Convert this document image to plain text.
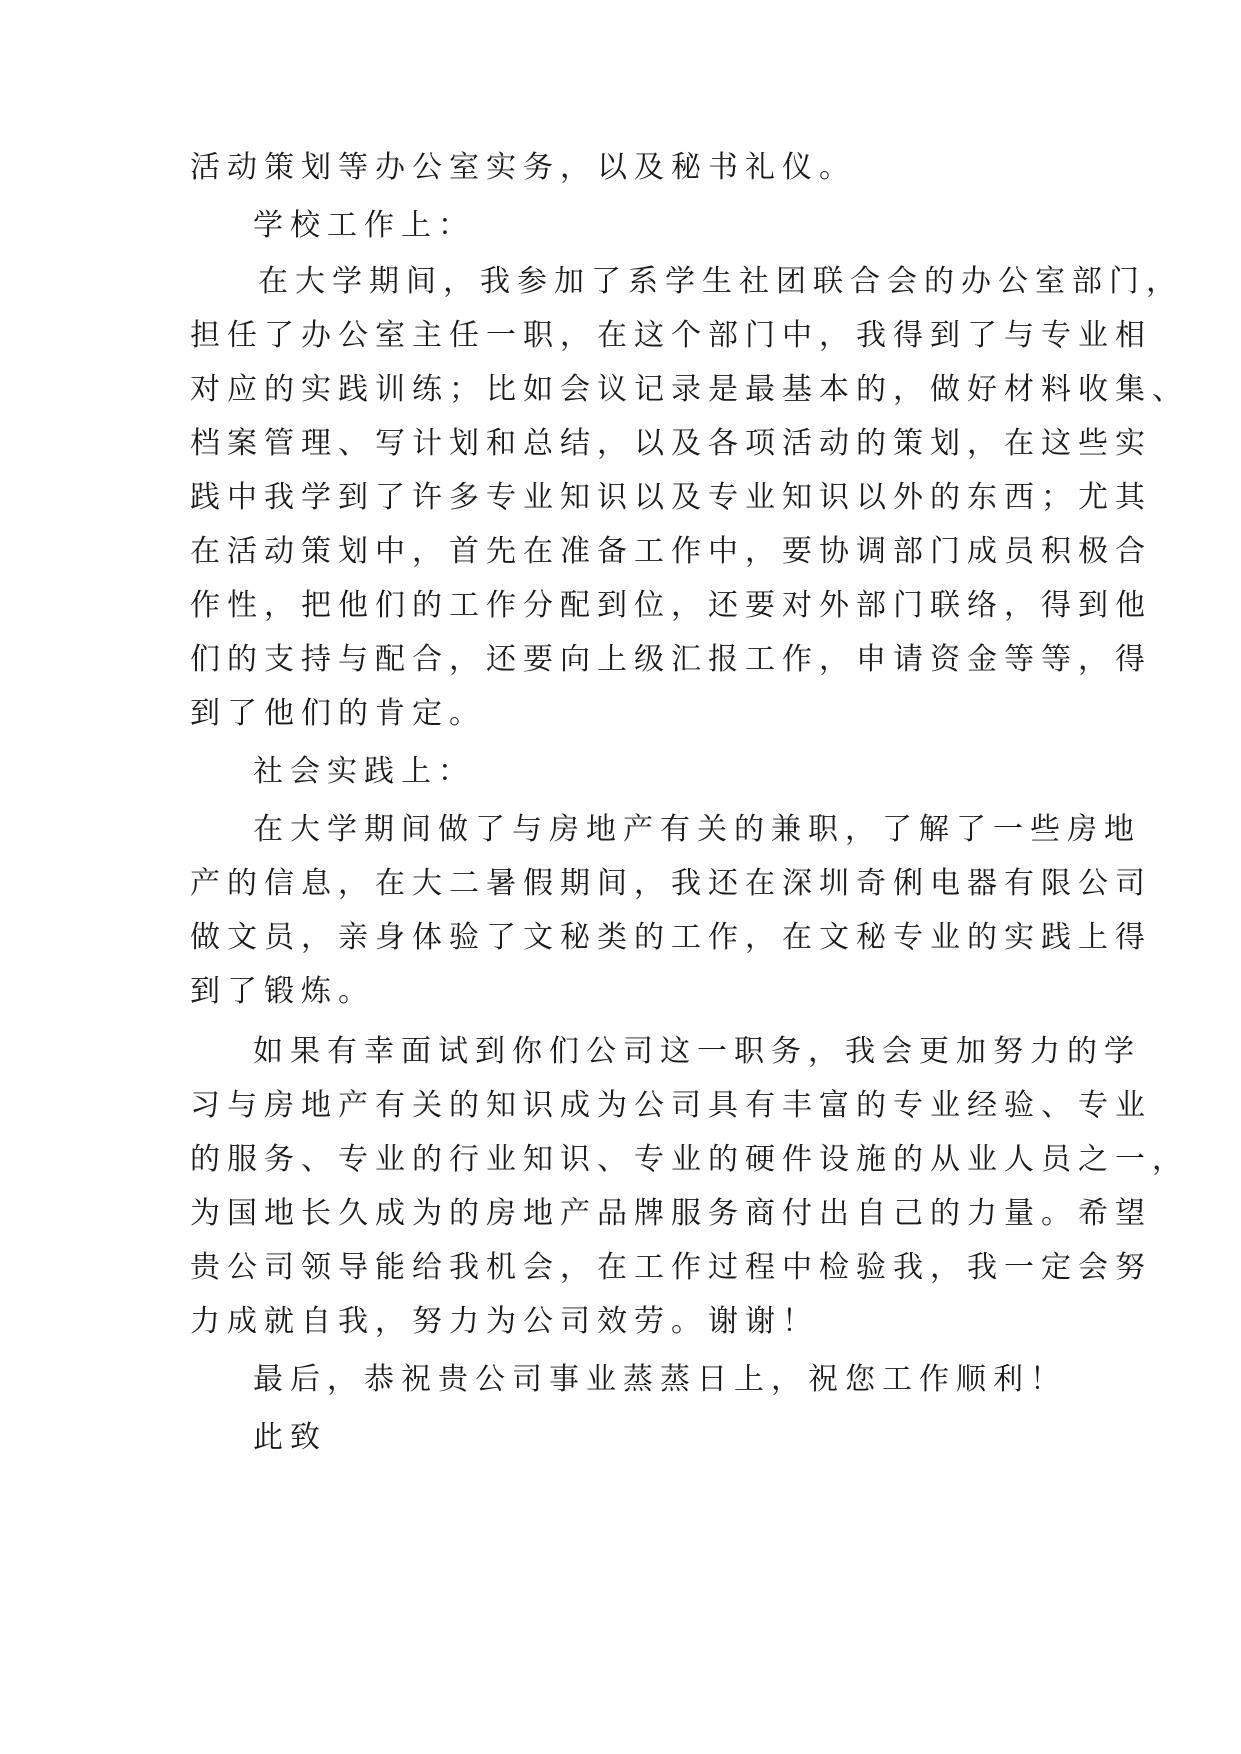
活动策划等办公室实务，以及秘书礼仪。

学校工作上：

在大学期间，我参加了系学生社团联合会的办公室部门，

担任了办公室主任一职，在这个部门中，我得到了与专业相

对应的实践训练；比如会议记录是最基本的，做好材料收集、

档案管理、写计划和总结，以及各项活动的策划，在这些实

践中我学到了许多专业知识以及专业知识以外的东西；尤其

在活动策划中，首先在准备工作中，要协调部门成员积极合

作性，把他们的工作分配到位，还要对外部门联络，得到他

们的支持与配合，还要向上级汇报工作，申请资金等等，得

到了他们的肯定。

社会实践上：

在大学期间做了与房地产有关的兼职，了解了一些房地

产的信息，在大二暑假期间，我还在深圳奇俐电器有限公司

做文员，亲身体验了文秘类的工作，在文秘专业的实践上得

到了锻炼。

如果有幸面试到你们公司这一职务，我会更加努力的学

习与房地产有关的知识成为公司具有丰富的专业经验、专业

的服务、专业的行业知识、专业的硬件设施的从业人员之一，

为国地长久成为的房地产品牌服务商付出自己的力量。希望

贵公司领导能给我机会，在工作过程中检验我，我一定会努

力成就自我，努力为公司效劳。谢谢！

最后，恭祝贵公司事业蒸蒸日上，祝您工作顺利！

此致
